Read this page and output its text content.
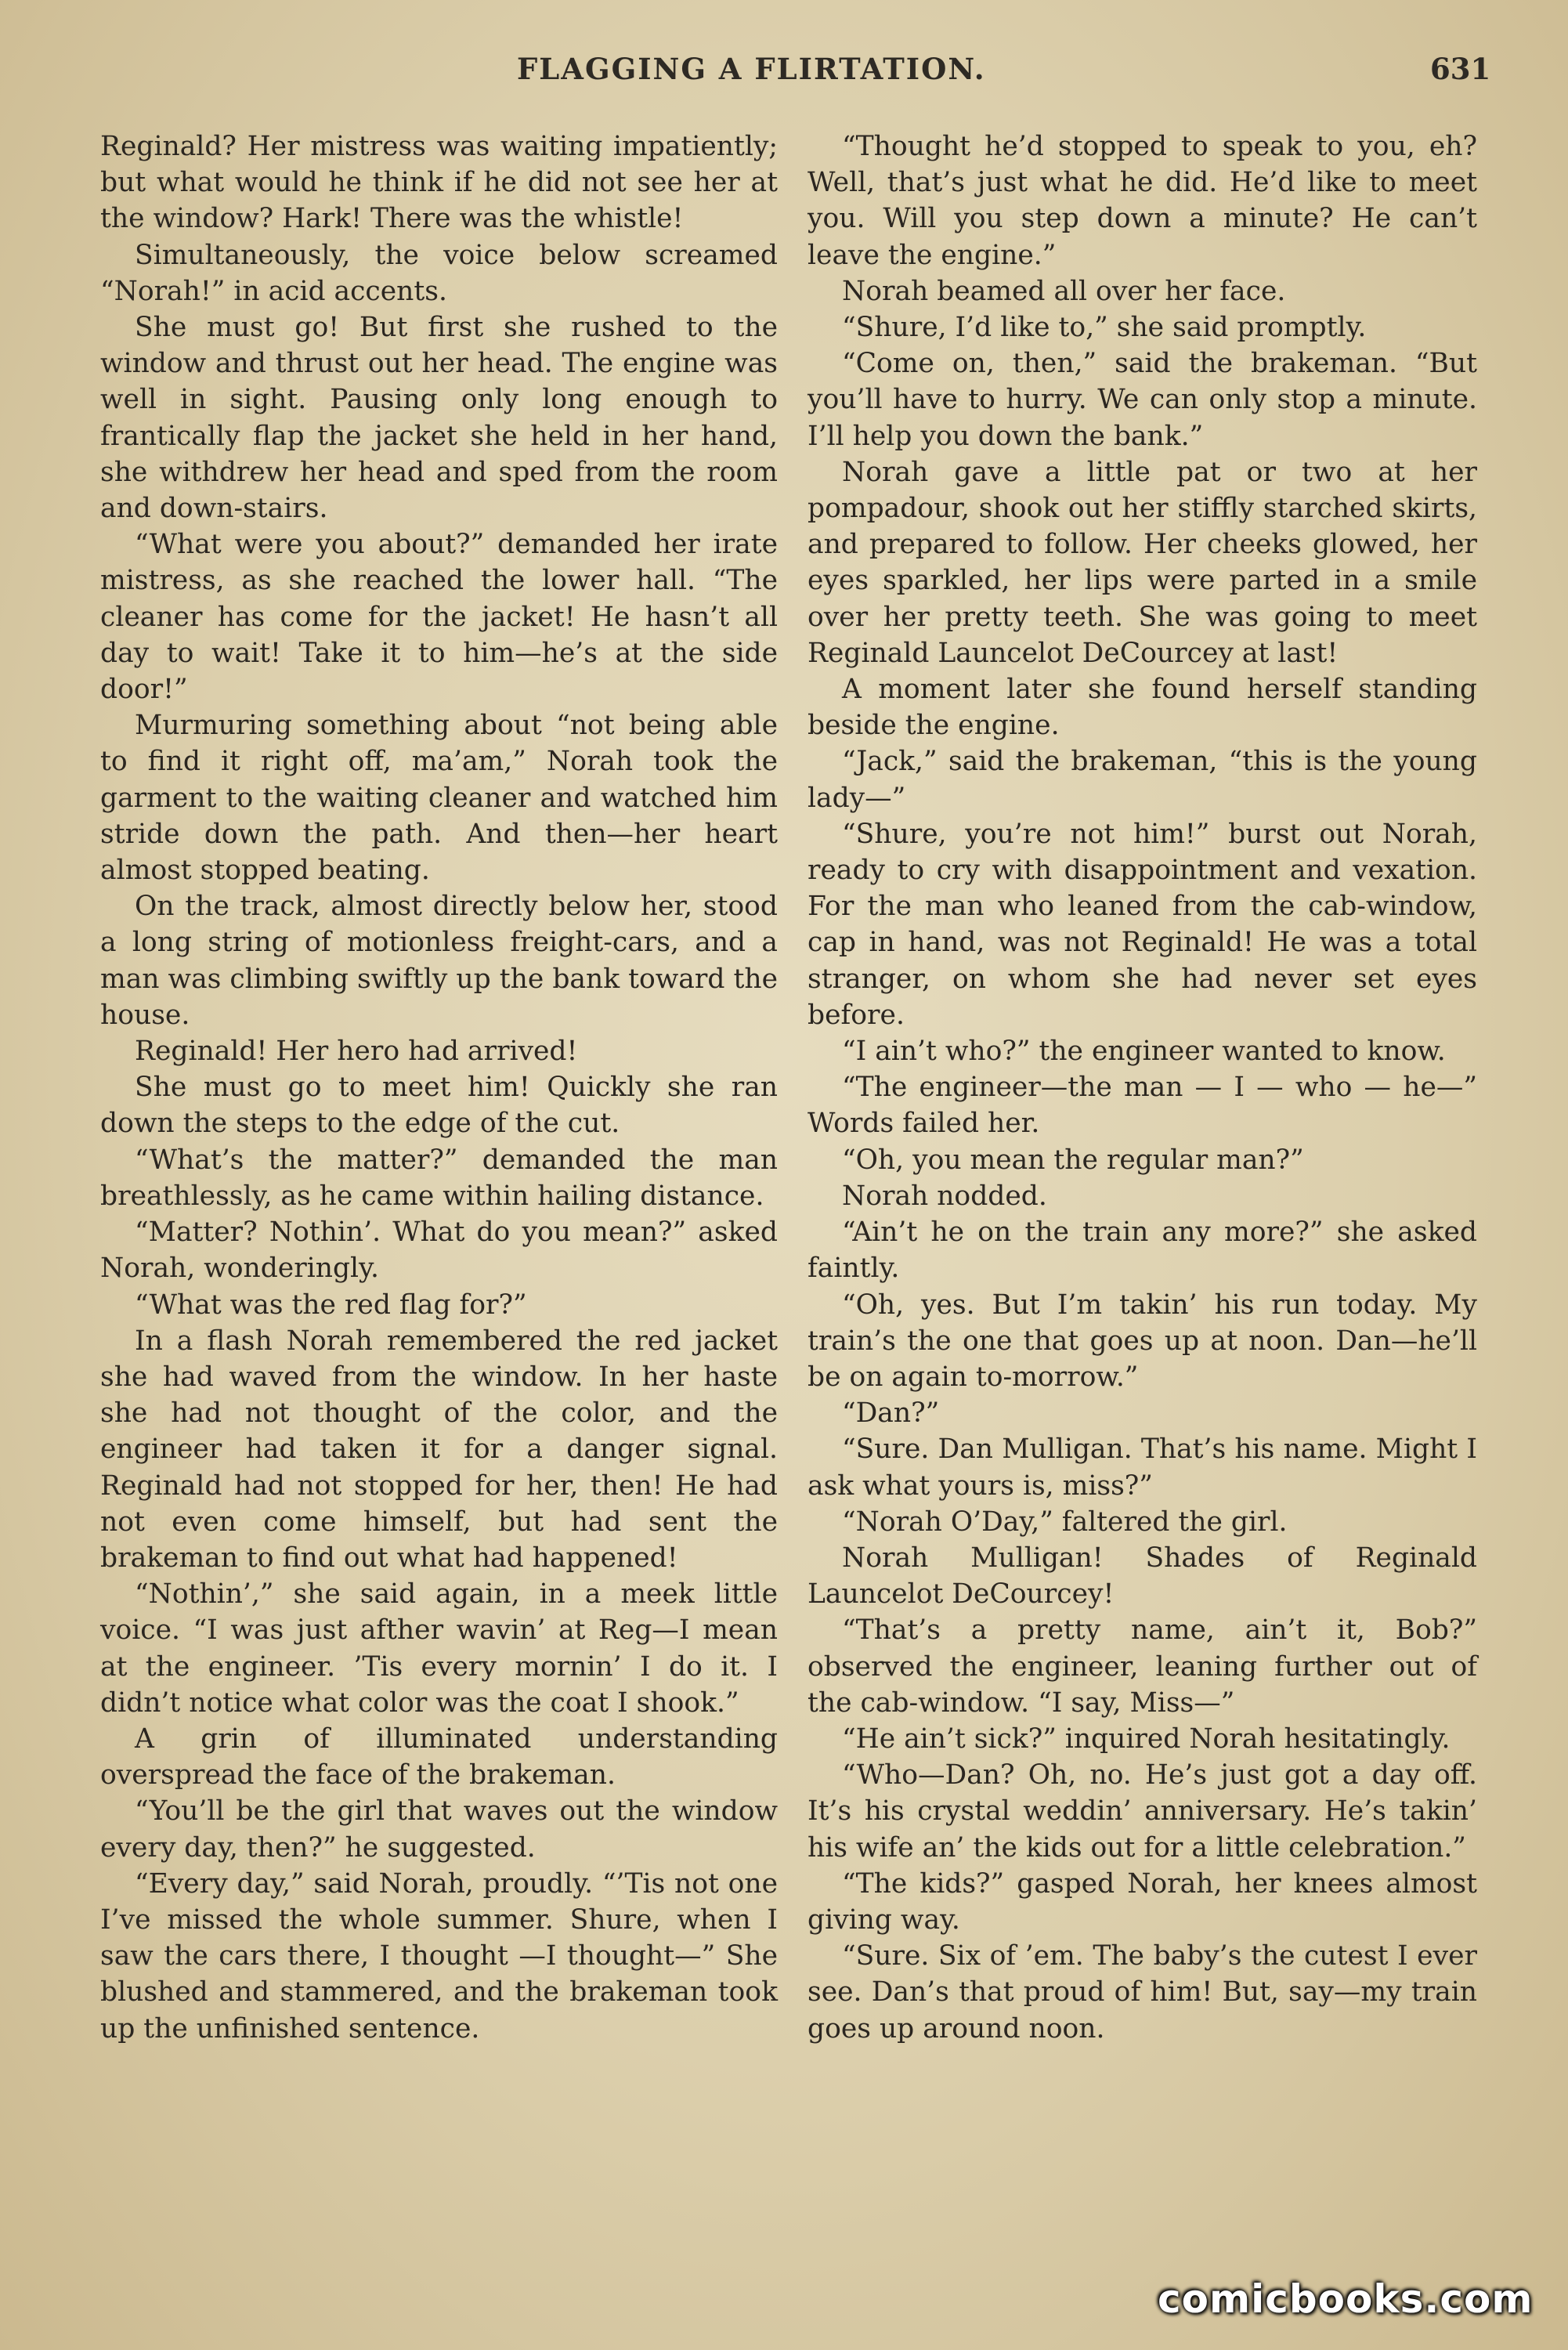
FLAGGING A FLIRTATION.	631

Reginald? Her mistress was waiting impatiently; but what would he think if he did not see her at the window? Hark! There was the whistle!

Simultaneously, the voice below screamed “Norah!” in acid accents.

She must go! But first she rushed to the window and thrust out her head. The engine was well in sight. Pausing only long enough to frantically flap the jacket she held in her hand, she withdrew her head and sped from the room and down-stairs.

“What were you about?” demanded her irate mistress, as she reached the lower hall. “The cleaner has come for the jacket! He hasn’t all day to wait! Take it to him—he’s at the side door!”

Murmuring something about “not being able to find it right off, ma’am,” Norah took the garment to the waiting cleaner and watched him stride down the path. And then—her heart almost stopped beating.

On the track, almost directly below her, stood a long string of motionless freight-cars, and a man was climbing swiftly up the bank toward the house.

Reginald! Her hero had arrived!

She must go to meet him! Quickly she ran down the steps to the edge of the cut.

“What’s the matter?” demanded the man breathlessly, as he came within hailing distance.

“Matter? Nothin’. What do you mean?” asked Norah, wonderingly.

“What was the red flag for?”

In a flash Norah remembered the red jacket she had waved from the window. In her haste she had not thought of the color, and the engineer had taken it for a danger signal. Reginald had not stopped for her, then! He had not even come himself, but had sent the brakeman to find out what had happened!

“Nothin’,” she said again, in a meek little voice. “I was just afther wavin’ at Reg—I mean at the engineer. ’Tis every mornin’ I do it. I didn’t notice what color was the coat I shook.”

A grin of illuminated understanding overspread the face of the brakeman.

“You’ll be the girl that waves out the window every day, then?” he suggested.

“Every day,” said Norah, proudly. “’Tis not one I’ve missed the whole summer. Shure, when I saw the cars there, I thought —I thought—” She blushed and stammered, and the brakeman took up the unfinished sentence.

“Thought he’d stopped to speak to you, eh? Well, that’s just what he did. He’d like to meet you. Will you step down a minute? He can’t leave the engine.”

Norah beamed all over her face.

“Shure, I’d like to,” she said promptly.

“Come on, then,” said the brakeman. “But you’ll have to hurry. We can only stop a minute. I’ll help you down the bank.”

Norah gave a little pat or two at her pompadour, shook out her stiffly starched skirts, and prepared to follow. Her cheeks glowed, her eyes sparkled, her lips were parted in a smile over her pretty teeth. She was going to meet Reginald Launcelot DeCourcey at last!

A moment later she found herself standing beside the engine.

“Jack,” said the brakeman, “this is the young lady—”

“Shure, you’re not him!” burst out Norah, ready to cry with disappointment and vexation. For the man who leaned from the cab-window, cap in hand, was not Reginald! He was a total stranger, on whom she had never set eyes before.

“I ain’t who?” the engineer wanted to know.

“The engineer—the man — I — who — he—” Words failed her.

“Oh, you mean the regular man?”

Norah nodded.

“Ain’t he on the train any more?” she asked faintly.

“Oh, yes. But I’m takin’ his run today. My train’s the one that goes up at noon. Dan—he’ll be on again to-morrow.”

“Dan?”

“Sure. Dan Mulligan. That’s his name. Might I ask what yours is, miss?”

“Norah O’Day,” faltered the girl.

Norah Mulligan! Shades of Reginald Launcelot DeCourcey!

“That’s a pretty name, ain’t it, Bob?” observed the engineer, leaning further out of the cab-window. “I say, Miss—”

“He ain’t sick?” inquired Norah hesitatingly.

“Who—Dan? Oh, no. He’s just got a day off. It’s his crystal weddin’ anniversary. He’s takin’ his wife an’ the kids out for a little celebration.”

“The kids?” gasped Norah, her knees almost giving way.

“Sure. Six of ’em. The baby’s the cutest I ever see. Dan’s that proud of him! But, say—my train goes up around noon.

comicbooks.com
